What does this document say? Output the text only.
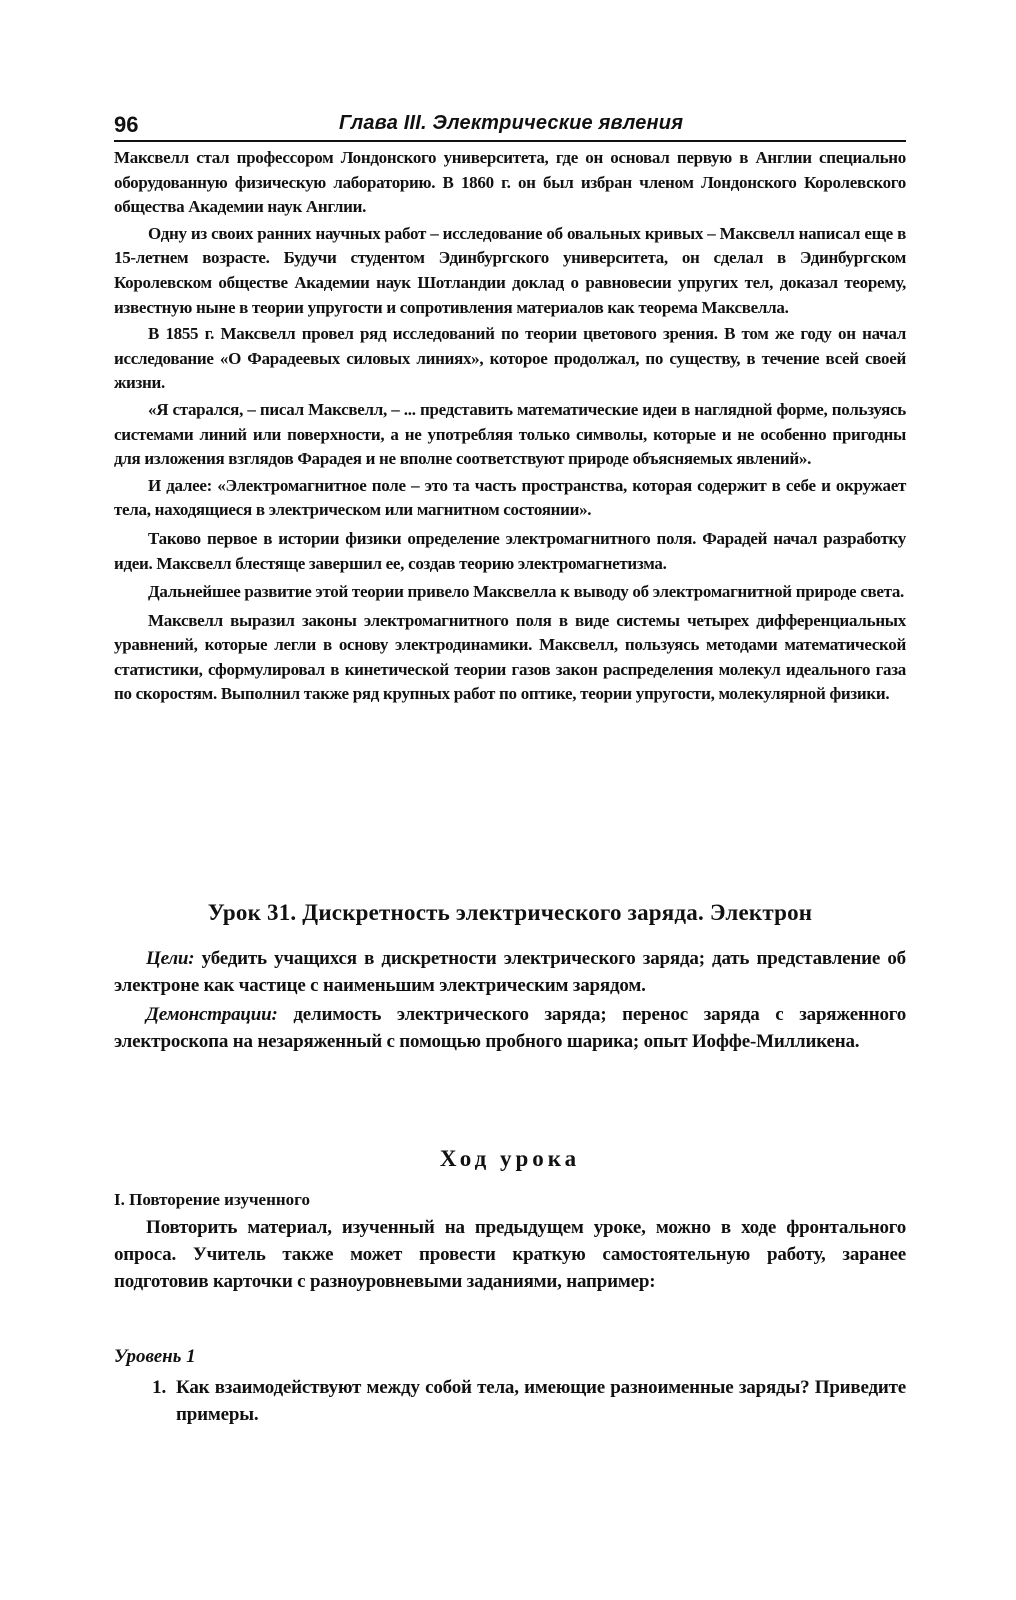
96	Глава III. Электрические явления

Максвелл стал профессором Лондонского университета, где он основал первую в Англии специально оборудованную физическую лабораторию. В 1860 г. он был избран членом Лондонского Королевского общества Академии наук Англии.

Одну из своих ранних научных работ – исследование об овальных кривых – Максвелл написал еще в 15-летнем возрасте. Будучи студентом Эдинбургского университета, он сделал в Эдинбургском Королевском обществе Академии наук Шотландии доклад о равновесии упругих тел, доказал теорему, известную ныне в теории упругости и сопротивления материалов как теорема Максвелла.

В 1855 г. Максвелл провел ряд исследований по теории цветового зрения. В том же году он начал исследование «О Фарадеевых силовых линиях», которое продолжал, по существу, в течение всей своей жизни.

«Я старался, – писал Максвелл, – ... представить математические идеи в наглядной форме, пользуясь системами линий или поверхности, а не употребляя только символы, которые и не особенно пригодны для изложения взглядов Фарадея и не вполне соответствуют природе объясняемых явлений».

И далее: «Электромагнитное поле – это та часть пространства, которая содержит в себе и окружает тела, находящиеся в электрическом или магнитном состоянии».

Таково первое в истории физики определение электромагнитного поля. Фарадей начал разработку идеи. Максвелл блестяще завершил ее, создав теорию электромагнетизма.

Дальнейшее развитие этой теории привело Максвелла к выводу об электромагнитной природе света.

Максвелл выразил законы электромагнитного поля в виде системы четырех дифференциальных уравнений, которые легли в основу электродинамики. Максвелл, пользуясь методами математической статистики, сформулировал в кинетической теории газов закон распределения молекул идеального газа по скоростям. Выполнил также ряд крупных работ по оптике, теории упругости, молекулярной физики.

Урок 31. Дискретность электрического заряда. Электрон

Цели: убедить учащихся в дискретности электрического заряда; дать представление об электроне как частице с наименьшим электрическим зарядом.

Демонстрации: делимость электрического заряда; перенос заряда с заряженного электроскопа на незаряженный с помощью пробного шарика; опыт Иоффе-Милликена.

Ход урока
I. Повторение изученного

Повторить материал, изученный на предыдущем уроке, можно в ходе фронтального опроса. Учитель также может провести краткую самостоятельную работу, заранее подготовив карточки с разноуровневыми заданиями, например:

Уровень 1
1. Как взаимодействуют между собой тела, имеющие разноименные заряды? Приведите примеры.
